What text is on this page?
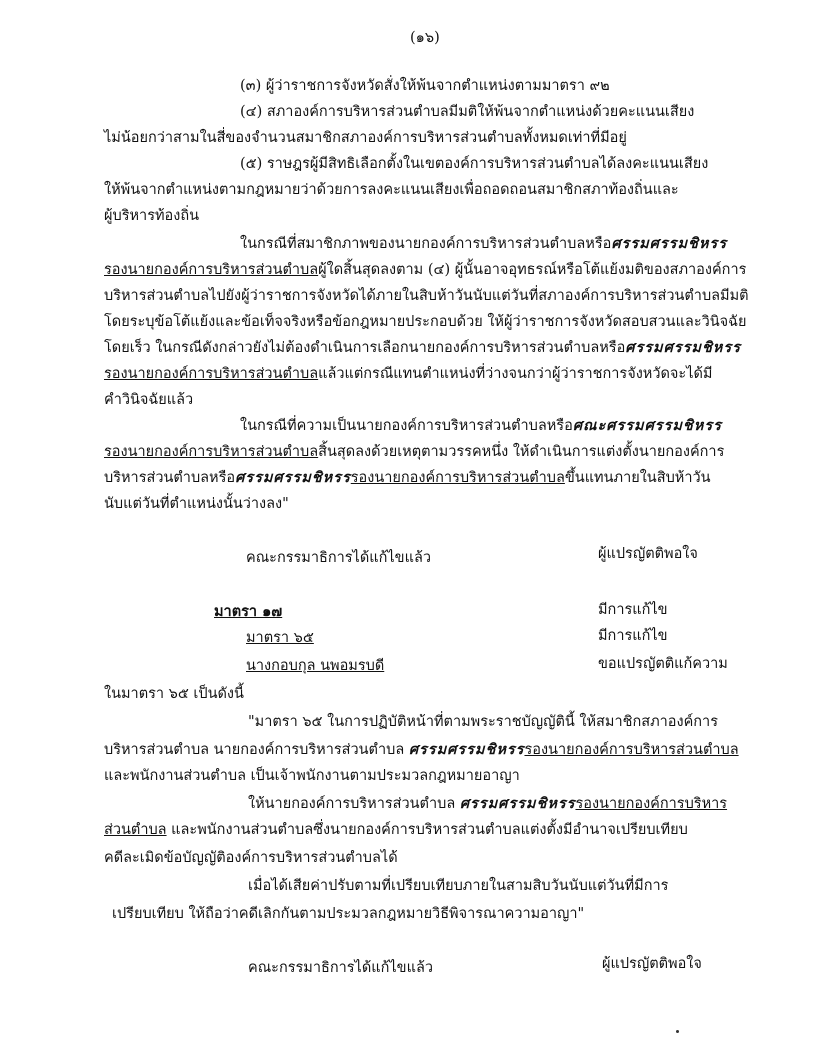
(๑๖)
(๓) ผู้ว่าราชการจังหวัดสั่งให้พ้นจากตำแหน่งตามมาตรา ๙๒
(๔) สภาองค์การบริหารส่วนตำบลมีมติให้พ้นจากตำแหน่งด้วยคะแนนเสียง
ไม่น้อยกว่าสามในสี่ของจำนวนสมาชิกสภาองค์การบริหารส่วนตำบลทั้งหมดเท่าที่มีอยู่
(๕) ราษฎรผู้มีสิทธิเลือกตั้งในเขตองค์การบริหารส่วนตำบลได้ลงคะแนนเสียง
ให้พ้นจากตำแหน่งตามกฎหมายว่าด้วยการลงคะแนนเสียงเพื่อถอดถอนสมาชิกสภาท้องถิ่นและ
ผู้บริหารท้องถิ่น
ในกรณีที่สมาชิกภาพของนายกองค์การบริหารส่วนตำบลหรือศรรมศรรมชิหรร
รองนายกองค์การบริหารส่วนตำบลผู้ใดสิ้นสุดลงตาม (๔) ผู้นั้นอาจอุทธรณ์หรือโต้แย้งมติของสภาองค์การ
บริหารส่วนตำบลไปยังผู้ว่าราชการจังหวัดได้ภายในสิบห้าวันนับแต่วันที่สภาองค์การบริหารส่วนตำบลมีมติ
โดยระบุข้อโต้แย้งและข้อเท็จจริงหรือข้อกฎหมายประกอบด้วย ให้ผู้ว่าราชการจังหวัดสอบสวนและวินิจฉัย
โดยเร็ว ในกรณีดังกล่าวยังไม่ต้องดำเนินการเลือกนายกองค์การบริหารส่วนตำบลหรือศรรมศรรมชิหรร
รองนายกองค์การบริหารส่วนตำบลแล้วแต่กรณีแทนตำแหน่งที่ว่างจนกว่าผู้ว่าราชการจังหวัดจะได้มี
คำวินิจฉัยแล้ว
ในกรณีที่ความเป็นนายกองค์การบริหารส่วนตำบลหรือศณะศรรมศรรมชิหรร
รองนายกองค์การบริหารส่วนตำบลสิ้นสุดลงด้วยเหตุตามวรรคหนึ่ง ให้ดำเนินการแต่งตั้งนายกองค์การ
บริหารส่วนตำบลหรือศรรมศรรมชิหรรรองนายกองค์การบริหารส่วนตำบลขึ้นแทนภายในสิบห้าวัน
นับแต่วันที่ตำแหน่งนั้นว่างลง"
คณะกรรมาธิการได้แก้ไขแล้ว	ผู้แปรญัตติพอใจ
มาตรา ๑๗	มีการแก้ไข
มาตรา ๖๕	มีการแก้ไข
นางกอบกุล นพอมรบดี	ขอแปรญัตติแก้ความ
ในมาตรา ๖๕ เป็นดังนี้
"มาตรา ๖๕ ในการปฏิบัติหน้าที่ตามพระราชบัญญัตินี้ ให้สมาชิกสภาองค์การ
บริหารส่วนตำบล นายกองค์การบริหารส่วนตำบล ศรรมศรรมชิหรรรองนายกองค์การบริหารส่วนตำบล
และพนักงานส่วนตำบล เป็นเจ้าพนักงานตามประมวลกฎหมายอาญา
ให้นายกองค์การบริหารส่วนตำบล ศรรมศรรมชิหรรรองนายกองค์การบริหาร
ส่วนตำบล และพนักงานส่วนตำบลซึ่งนายกองค์การบริหารส่วนตำบลแต่งตั้งมีอำนาจเปรียบเทียบ
คดีละเมิดข้อบัญญัติองค์การบริหารส่วนตำบลได้
เมื่อได้เสียค่าปรับตามที่เปรียบเทียบภายในสามสิบวันนับแต่วันที่มีการ
เปรียบเทียบ ให้ถือว่าคดีเลิกกันตามประมวลกฎหมายวิธีพิจารณาความอาญา"
คณะกรรมาธิการได้แก้ไขแล้ว	ผู้แปรญัตติพอใจ
